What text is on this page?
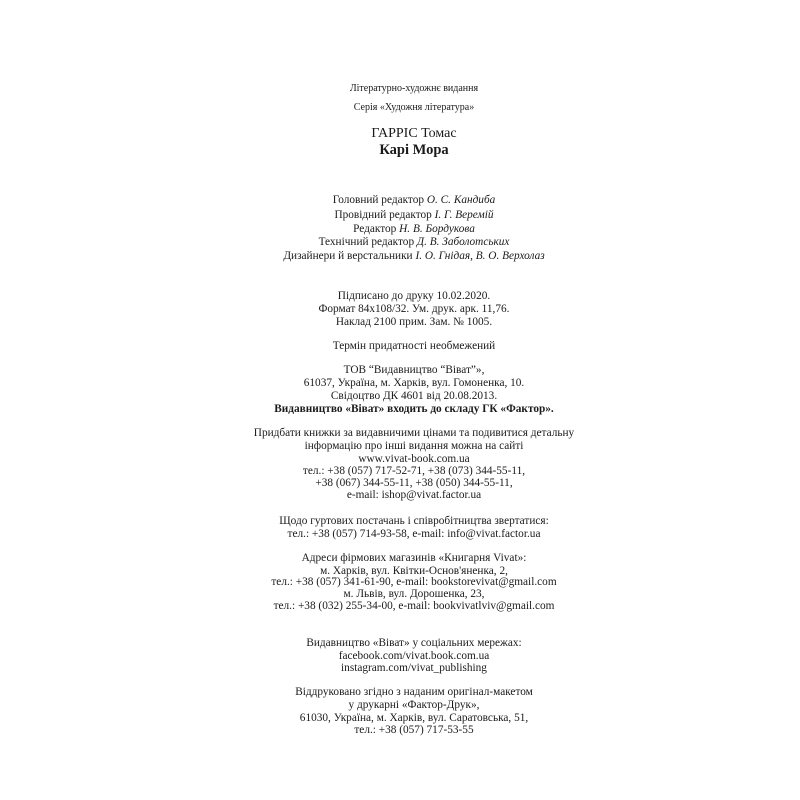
Літературно-художнє видання
Серія «Художня література»
ГАРРІС Томас
Карі Мора
Головний редактор О. С. Кандиба
Провідний редактор І. Г. Веремій
Редактор Н. В. Бордукова
Технічний редактор Д. В. Заболотських
Дизайнери й верстальники І. О. Гнідая, В. О. Верхолаз
Підписано до друку 10.02.2020.
Формат 84х108/32. Ум. друк. арк. 11,76.
Наклад 2100 прим. Зам. № 1005.
Термін придатності необмежений
ТОВ “Видавництво “Віват”»,
61037, Україна, м. Харків, вул. Гомоненка, 10.
Свідоцтво ДК 4601 від 20.08.2013.
Видавництво «Віват» входить до складу ГК «Фактор».
Придбати книжки за видавничими цінами та подивитися детальну
інформацію про інші видання можна на сайті
www.vivat-book.com.ua
тел.: +38 (057) 717-52-71, +38 (073) 344-55-11,
+38 (067) 344-55-11, +38 (050) 344-55-11,
e-mail: ishop@vivat.factor.ua
Щодо гуртових постачань і співробітництва звертатися:
тел.: +38 (057) 714-93-58, e-mail: info@vivat.factor.ua
Адреси фірмових магазинів «Книгарня Vivat»:
м. Харків, вул. Квітки-Основ'яненка, 2,
тел.: +38 (057) 341-61-90, e-mail: bookstorevivat@gmail.com
м. Львів, вул. Дорошенка, 23,
тел.: +38 (032) 255-34-00, e-mail: bookvivatlviv@gmail.com
Видавництво «Віват» у соціальних мережах:
facebook.com/vivat.book.com.ua
instagram.com/vivat_publishing
Віддруковано згідно з наданим оригінал-макетом
у друкарні «Фактор-Друк»,
61030, Україна, м. Харків, вул. Саратовська, 51,
тел.: +38 (057) 717-53-55
